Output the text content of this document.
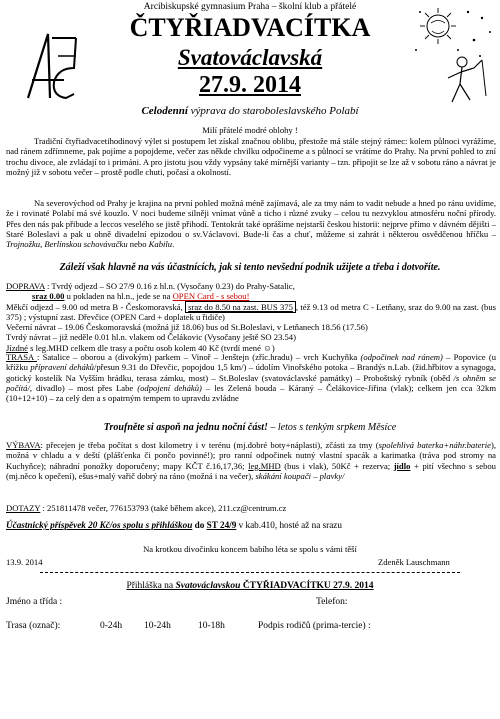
Arcibiskupské gymnasium Praha – školní klub a přátelé
ČTYŘIADVACÍTKA
Svatováclavská
27.9. 2014
Celodenní výprava do staroboleslavského Polabí
Milí přátelé modré oblohy !

Tradiční čtyřiadvacetihodinový výlet si postupem let získal značnou oblibu, přestože má stále stejný rámec: kolem půlnoci vyrážíme, nad ránem zdřímneme, pak pojíme a popojdeme, večer zas někde chvilku odpočineme a s půlnocí se vrátíme do Prahy. Na první pohled to zní trochu divoce, ale zvládají to i primáni. A pro jistotu jsou vždy vypsány také mírnější varianty – tzn. připojit se lze až v sobotu ráno a návrat je možný již v sobotu večer – prostě podle chuti, počasí a okolností.

Na severovýchod od Prahy je krajina na první pohled možná méně zajímavá, ale za tmy nám to vadit nebude a hned po ránu uvidíme, že i rovinaté Polabí má své kouzlo. V noci budeme silněji vnímat vůně a ticho i různé zvuky – celou tu nezvyklou atmosféru noční přírody. Přes den nás pak přibude a leccos veselého se jistě přihodí. Tentokrát také oprášíme nejstarší českou historii: nejprve přímo v dávném dějišti – Staré Boleslavi a pak u ohně divadelní epizodou o sv.Václavovi. Bude-li čas a chuť, můžeme si zahrát i některou osvědčenou hříčku – Trojnožku, Berlínskou schovávačku nebo Kabilu.

Záleží však hlavně na vás účastnících, jak si tento nevšední podnik užijete a třeba i dotvoříte.

DOPRAVA : Tvrdý odjezd – SO 27/9 0.16 z hl.n. (Vysočany 0.23) do Prahy-Satalic,

sraz 0.00 u pokladen na hl.n., jede se na OPEN Card - s sebou!

Měkčí odjezd – 9.00 od metra B - Českomoravská, sraz do 8.50 na zast. BUS 375 , též 9.13 od metra C - Letňany, sraz do 9.00 na zast. (bus 375) ; výstupní zast. Dřevčice (OPEN Card + doplatek u řidiče)

Večerní návrat – 19.06 Českomoravská (možná již 18.06) bus od St.Boleslavi, v Letňanech 18.56 (17.56)

Tvrdý návrat – již neděle 0.01 hl.n. vlakem od Čelákovic (Vysočany ještě SO 23.54)

Jízdné s leg.MHD celkem dle trasy a počtu osob kolem 40 Kč (tvrdí mené ☺)

TRASA : Satalice – oborou a (divokým) parkem – Vinoř – Jenštejn (zříc.hradu) – vrch Kuchyňka (odpočinek nad ránem) – Popovice (u křížku přípravení deháků/přesun 9.31 do Dřevčic, popojdou 1,5 km/) – údolím Vinořského potoka – Brandýs n.Lab. (žid.hřbitov a synagoga, gotický kostelík Na Vyšším hrádku, terasa zámku, most) – St.Boleslav (svatováclavské památky) – Proboštský rybník (oběd /s ohněm se počítá/, divadlo) – most přes Labe (odpojení deháků) – les Zelená bouda – Káraný – Čelákovice-Jiřina (vlak); celkem jen cca 32km (10+12+10) – za celý den a s opatrným tempem to upravdu zvládne

Troufněte si aspoň na jednu noční část! – letos s tenkým srpkem Měsíce

VÝBAVA: přecejen je třeba počítat s dost kilometry i v terénu (mj.dobré boty+náplasti), zčásti za tmy (spolehlivá baterka+náhr.baterie), možná v chladu a v deští (plášťenka či pončo povinné!); pro ranní odpočinek nutný vlastní spacák a karimatka (tráva pod stromy na Kuchyňce); náhradní ponožky doporučeny; mapy KČT č.16,17,36; leg.MHD (bus i vlak), 50Kč + rezerva; jídlo + pití všechno s sebou (mj.něco k opečení), ešus+malý vařič dobrý na ráno (možná i na večer), skákání koupači – plavky/

DOTAZY : 251811478 večer, 776153793 (také během akce), 211.cz@centrum.cz

Účastnický příspěvek 20 Kč/os spolu s přihláškou do ST 24/9 v kab.410, hosté až na srazu

Na krotkou divočinku koncem babího léta se spolu s vámi těší
13.9. 2014	Zdeněk Lauschmann
Přihláška na Svatováclavskou ČTYŘIADVACÍTKU 27.9. 2014
Jméno a třída :	Telefon:
Trasa (označ):	0-24h 10-24h	10-18h	Podpis rodičů (prima-tercie) :
